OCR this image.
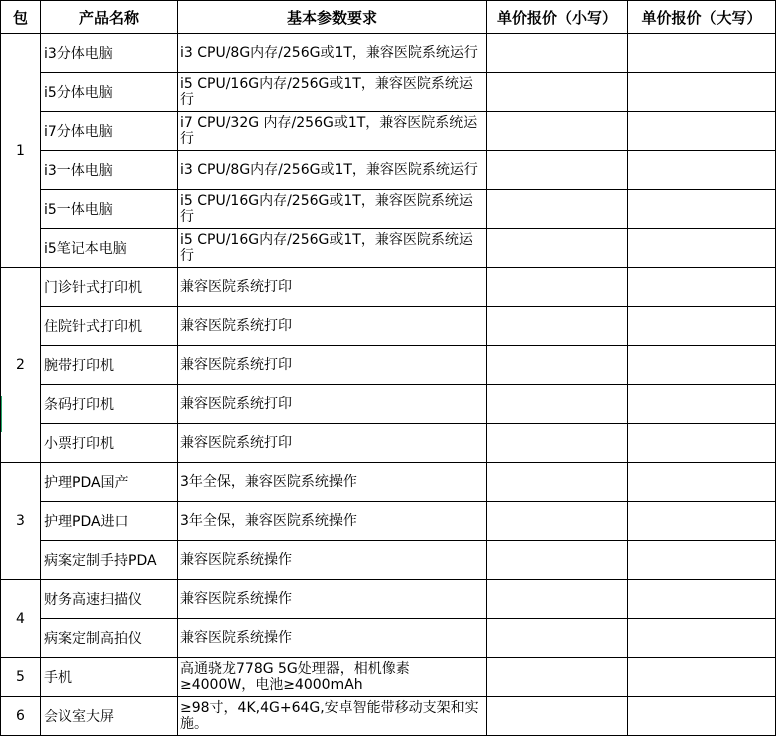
包	产品名称	基本参数要求	单价报价（小写）	单价报价（大写）
1	i3分体电脑	i3 CPU/8G内存/256G或1T，兼容医院系统运行		
	i5分体电脑	i5 CPU/16G内存/256G或1T，兼容医院系统运行		
	i7分体电脑	i7 CPU/32G 内存/256G或1T，兼容医院系统运行		
	i3一体电脑	i3 CPU/8G内存/256G或1T，兼容医院系统运行		
	i5一体电脑	i5 CPU/16G内存/256G或1T，兼容医院系统运行		
	i5笔记本电脑	i5 CPU/16G内存/256G或1T，兼容医院系统运行		
2	门诊针式打印机	兼容医院系统打印		
	住院针式打印机	兼容医院系统打印		
	腕带打印机	兼容医院系统打印		
	条码打印机	兼容医院系统打印		
	小票打印机	兼容医院系统打印		
3	护理PDA国产	3年全保，兼容医院系统操作		
	护理PDA进口	3年全保，兼容医院系统操作		
	病案定制手持PDA	兼容医院系统操作		
4	财务高速扫描仪	兼容医院系统操作		
	病案定制高拍仪	兼容医院系统操作		
5	手机	高通骁龙778G 5G处理器，相机像素≥4000W，电池≥4000mAh		
6	会议室大屏	≥98寸，4K,4G+64G,安卓智能带移动支架和实施。		
